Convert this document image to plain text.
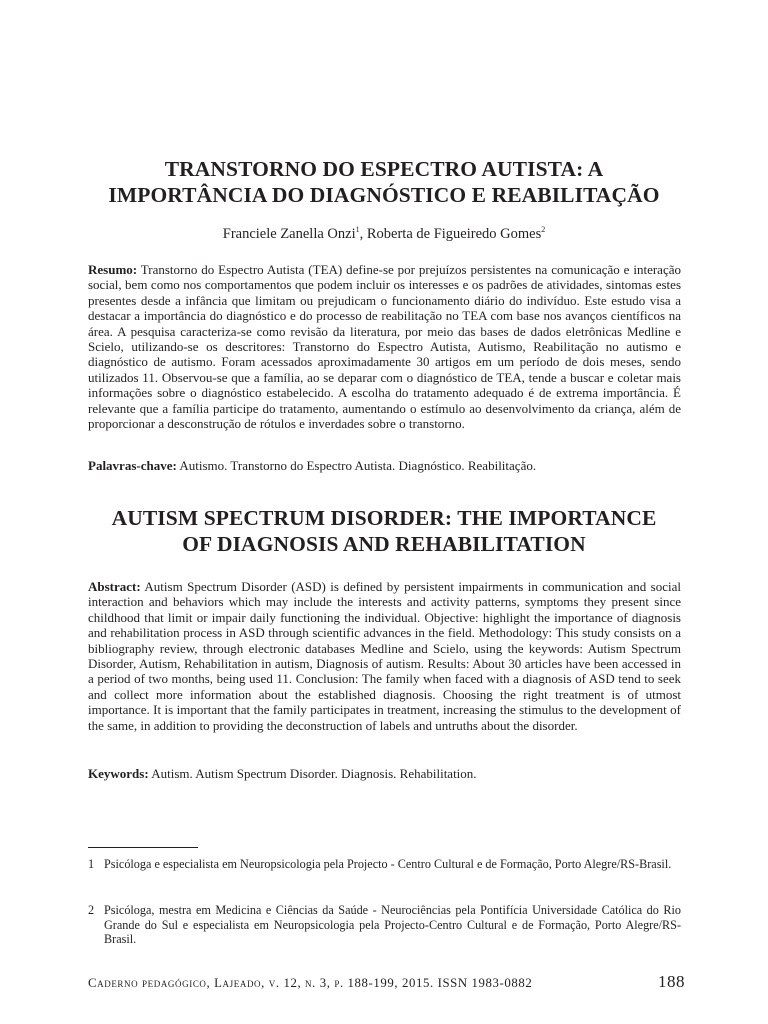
TRANSTORNO DO ESPECTRO AUTISTA: A
IMPORTÂNCIA DO DIAGNÓSTICO E REABILITAÇÃO
Franciele Zanella Onzi$^1$, Roberta de Figueiredo Gomes$^2$

Resumo: Transtorno do Espectro Autista (TEA) define-se por prejuízos persistentes na comunicação e interação social, bem como nos comportamentos que podem incluir os interesses e os padrões de atividades, sintomas estes presentes desde a infância que limitam ou prejudicam o funcionamento diário do indivíduo. Este estudo visa a destacar a importância do diagnóstico e do processo de reabilitação no TEA com base nos avanços científicos na área. A pesquisa caracteriza-se como revisão da literatura, por meio das bases de dados eletrônicas Medline e Scielo, utilizando-se os descritores: Transtorno do Espectro Autista, Autismo, Reabilitação no autismo e diagnóstico de autismo. Foram acessados aproximadamente 30 artigos em um período de dois meses, sendo utilizados 11. Observou-se que a família, ao se deparar com o diagnóstico de TEA, tende a buscar e coletar mais informações sobre o diagnóstico estabelecido. A escolha do tratamento adequado é de extrema importância. É relevante que a família participe do tratamento, aumentando o estímulo ao desenvolvimento da criança, além de proporcionar a desconstrução de rótulos e inverdades sobre o transtorno.

Palavras-chave: Autismo. Transtorno do Espectro Autista. Diagnóstico. Reabilitação.

AUTISM SPECTRUM DISORDER: THE IMPORTANCE
OF DIAGNOSIS AND REHABILITATION

Abstract: Autism Spectrum Disorder (ASD) is defined by persistent impairments in communication and social interaction and behaviors which may include the interests and activity patterns, symptoms they present since childhood that limit or impair daily functioning the individual. Objective: highlight the importance of diagnosis and rehabilitation process in ASD through scientific advances in the field. Methodology: This study consists on a bibliography review, through electronic databases Medline and Scielo, using the keywords: Autism Spectrum Disorder, Autism, Rehabilitation in autism, Diagnosis of autism. Results: About 30 articles have been accessed in a period of two months, being used 11. Conclusion: The family when faced with a diagnosis of ASD tend to seek and collect more information about the established diagnosis. Choosing the right treatment is of utmost importance. It is important that the family participates in treatment, increasing the stimulus to the development of the same, in addition to providing the deconstruction of labels and untruths about the disorder.

Keywords: Autism. Autism Spectrum Disorder. Diagnosis. Rehabilitation.

1 Psicóloga e especialista em Neuropsicologia pela Projecto - Centro Cultural e de Formação, Porto Alegre/RS-Brasil.
2 Psicóloga, mestra em Medicina e Ciências da Saúde - Neurociências pela Pontifícia Universidade Católica do Rio Grande do Sul e especialista em Neuropsicologia pela Projecto-Centro Cultural e de Formação, Porto Alegre/RS-Brasil.
Caderno pedagógico, Lajeado, v. 12, n. 3, p. 188-199, 2015. ISSN 1983-0882	188
